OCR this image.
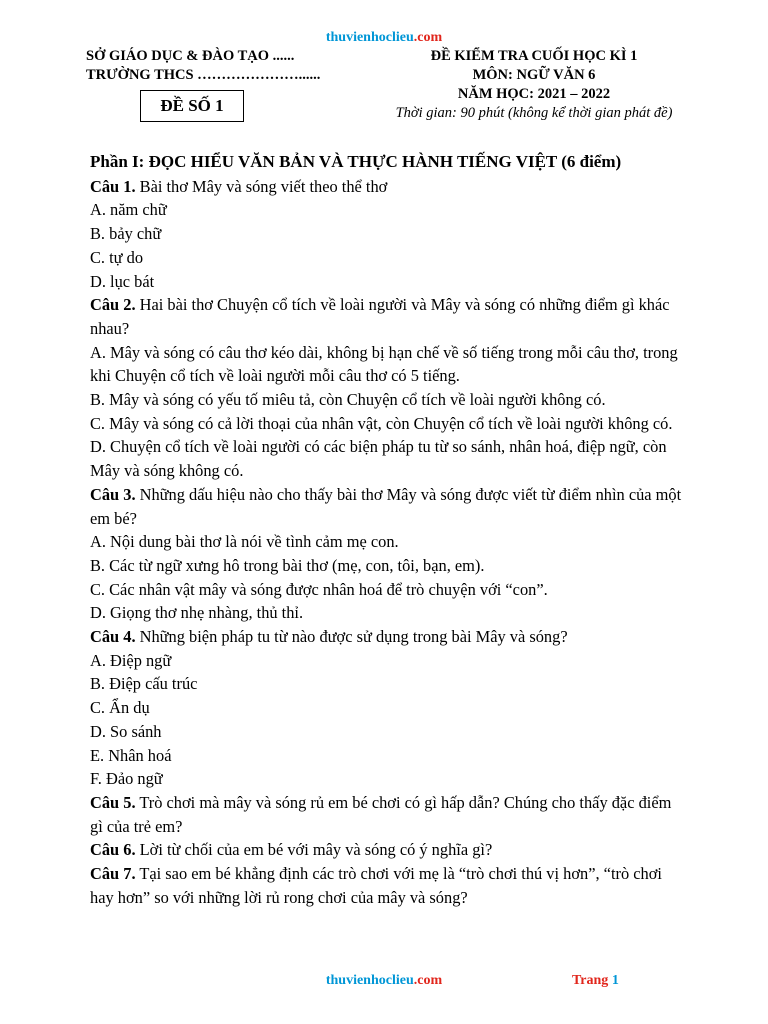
thuvienhoclieu.com
SỞ GIÁO DỤC & ĐÀO TẠO ......
TRƯỜNG THCS …………………......
ĐỀ KIỂM TRA CUỐI HỌC KÌ 1
MÔN: NGỮ VĂN 6
NĂM HỌC: 2021 – 2022
Thời gian: 90 phút (không kể thời gian phát đề)
ĐỀ SỐ 1

Phần I: ĐỌC HIỂU VĂN BẢN VÀ THỰC HÀNH TIẾNG VIỆT (6 điểm)

Câu 1. Bài thơ Mây và sóng viết theo thể thơ

A. năm chữ

B. bảy chữ

C. tự do

D. lục bát

Câu 2. Hai bài thơ Chuyện cổ tích về loài người và Mây và sóng có những điểm gì khác nhau?

A. Mây và sóng có câu thơ kéo dài, không bị hạn chế về số tiếng trong mỗi câu thơ, trong khi Chuyện cổ tích về loài người mỗi câu thơ có 5 tiếng.

B. Mây và sóng có yếu tố miêu tả, còn Chuyện cổ tích về loài người không có.

C. Mây và sóng có cả lời thoại của nhân vật, còn Chuyện cổ tích về loài người không có.

D. Chuyện cổ tích về loài người có các biện pháp tu từ so sánh, nhân hoá, điệp ngữ, còn Mây và sóng không có.

Câu 3. Những dấu hiệu nào cho thấy bài thơ Mây và sóng được viết từ điểm nhìn của một em bé?

A. Nội dung bài thơ là nói về tình cảm mẹ con.

B. Các từ ngữ xưng hô trong bài thơ (mẹ, con, tôi, bạn, em).

C. Các nhân vật mây và sóng được nhân hoá để trò chuyện với “con”.

D. Giọng thơ nhẹ nhàng, thủ thỉ.

Câu 4. Những biện pháp tu từ nào được sử dụng trong bài Mây và sóng?

A. Điệp ngữ

B. Điệp cấu trúc

C. Ẩn dụ

D. So sánh

E. Nhân hoá

F. Đảo ngữ

Câu 5. Trò chơi mà mây và sóng rủ em bé chơi có gì hấp dẫn? Chúng cho thấy đặc điểm gì của trẻ em?

Câu 6. Lời từ chối của em bé với mây và sóng có ý nghĩa gì?

Câu 7. Tại sao em bé khẳng định các trò chơi với mẹ là “trò chơi thú vị hơn”, “trò chơi hay hơn” so với những lời rủ rong chơi của mây và sóng?

thuvienhoclieu.com	Trang 1
